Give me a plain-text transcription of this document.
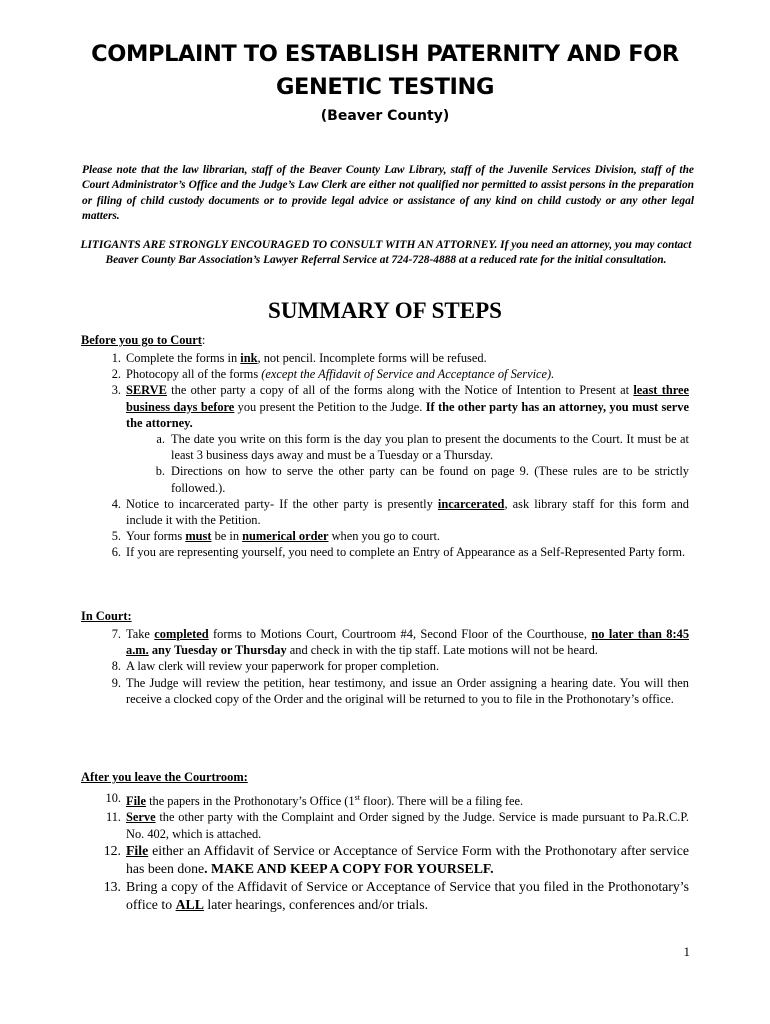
COMPLAINT TO ESTABLISH PATERNITY AND FOR
GENETIC TESTING
(Beaver County)
Please note that the law librarian, staff of the Beaver County Law Library, staff of the Juvenile Services Division, staff of the Court Administrator’s Office and the Judge’s Law Clerk are either not qualified nor permitted to assist persons in the preparation or filing of child custody documents or to provide legal advice or assistance of any kind on child custody or any other legal matters.
LITIGANTS ARE STRONGLY ENCOURAGED TO CONSULT WITH AN ATTORNEY. If you need an attorney, you may contact Beaver County Bar Association’s Lawyer Referral Service at 724-728-4888 at a reduced rate for the initial consultation.
SUMMARY OF STEPS
Before you go to Court:
1. Complete the forms in ink, not pencil. Incomplete forms will be refused.
2. Photocopy all of the forms (except the Affidavit of Service and Acceptance of Service).
3. SERVE the other party a copy of all of the forms along with the Notice of Intention to Present at least three business days before you present the Petition to the Judge. If the other party has an attorney, you must serve the attorney.
a. The date you write on this form is the day you plan to present the documents to the Court. It must be at least 3 business days away and must be a Tuesday or a Thursday.
b. Directions on how to serve the other party can be found on page 9. (These rules are to be strictly followed.).
4. Notice to incarcerated party- If the other party is presently incarcerated, ask library staff for this form and include it with the Petition.
5. Your forms must be in numerical order when you go to court.
6. If you are representing yourself, you need to complete an Entry of Appearance as a Self-Represented Party form.
In Court:
7. Take completed forms to Motions Court, Courtroom #4, Second Floor of the Courthouse, no later than 8:45 a.m. any Tuesday or Thursday and check in with the tip staff. Late motions will not be heard.
8. A law clerk will review your paperwork for proper completion.
9. The Judge will review the petition, hear testimony, and issue an Order assigning a hearing date. You will then receive a clocked copy of the Order and the original will be returned to you to file in the Prothonotary’s office.
After you leave the Courtroom:
10. File the papers in the Prothonotary’s Office (1st floor). There will be a filing fee.
11. Serve the other party with the Complaint and Order signed by the Judge. Service is made pursuant to Pa.R.C.P. No. 402, which is attached.
12. File either an Affidavit of Service or Acceptance of Service Form with the Prothonotary after service has been done. MAKE AND KEEP A COPY FOR YOURSELF.
13. Bring a copy of the Affidavit of Service or Acceptance of Service that you filed in the Prothonotary’s office to ALL later hearings, conferences and/or trials.
1
